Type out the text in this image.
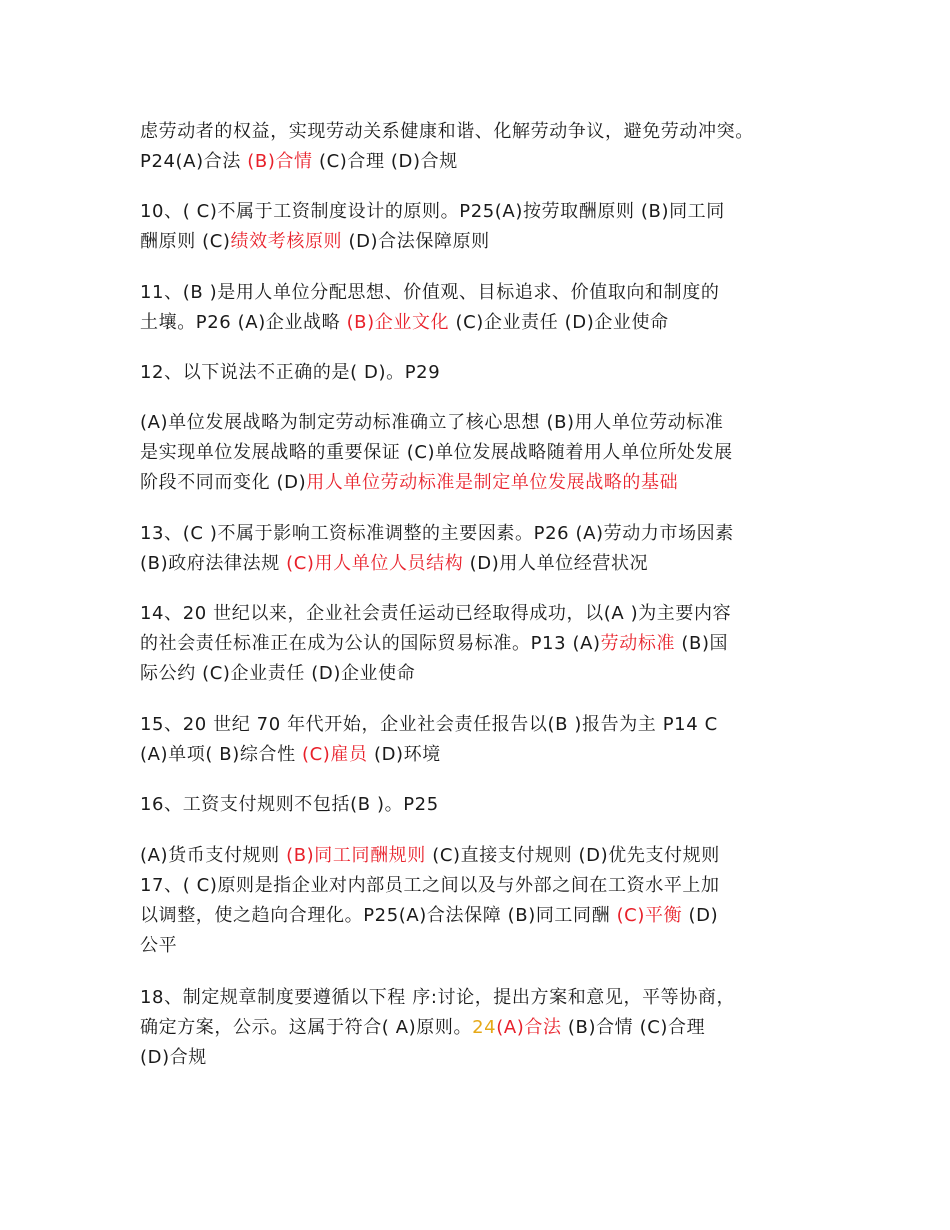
虑劳动者的权益，实现劳动关系健康和谐、化解劳动争议，避免劳动冲突。
P24(A)合法 (B)合情 (C)合理 (D)合规
10、( C)不属于工资制度设计的原则。P25(A)按劳取酬原则 (B)同工同
酬原则 (C)绩效考核原则 (D)合法保障原则
11、(B )是用人单位分配思想、价值观、目标追求、价值取向和制度的
土壤。P26 (A)企业战略 (B)企业文化 (C)企业责任 (D)企业使命
12、以下说法不正确的是( D)。P29
(A)单位发展战略为制定劳动标准确立了核心思想 (B)用人单位劳动标准
是实现单位发展战略的重要保证 (C)单位发展战略随着用人单位所处发展
阶段不同而变化 (D)用人单位劳动标准是制定单位发展战略的基础
13、(C )不属于影响工资标准调整的主要因素。P26 (A)劳动力市场因素
(B)政府法律法规 (C)用人单位人员结构 (D)用人单位经营状况
14、20 世纪以来，企业社会责任运动已经取得成功，以(A )为主要内容
的社会责任标准正在成为公认的国际贸易标准。P13 (A)劳动标准 (B)国
际公约 (C)企业责任 (D)企业使命
15、20 世纪 70 年代开始，企业社会责任报告以(B )报告为主 P14 C
(A)单项( B)综合性 (C)雇员 (D)环境
16、工资支付规则不包括(B )。P25
(A)货币支付规则 (B)同工同酬规则 (C)直接支付规则 (D)优先支付规则
17、( C)原则是指企业对内部员工之间以及与外部之间在工资水平上加
以调整，使之趋向合理化。P25(A)合法保障 (B)同工同酬 (C)平衡 (D)
公平
18、制定规章制度要遵循以下程 序:讨论，提出方案和意见，平等协商，
确定方案，公示。这属于符合( A)原则。24(A)合法 (B)合情 (C)合理
(D)合规
